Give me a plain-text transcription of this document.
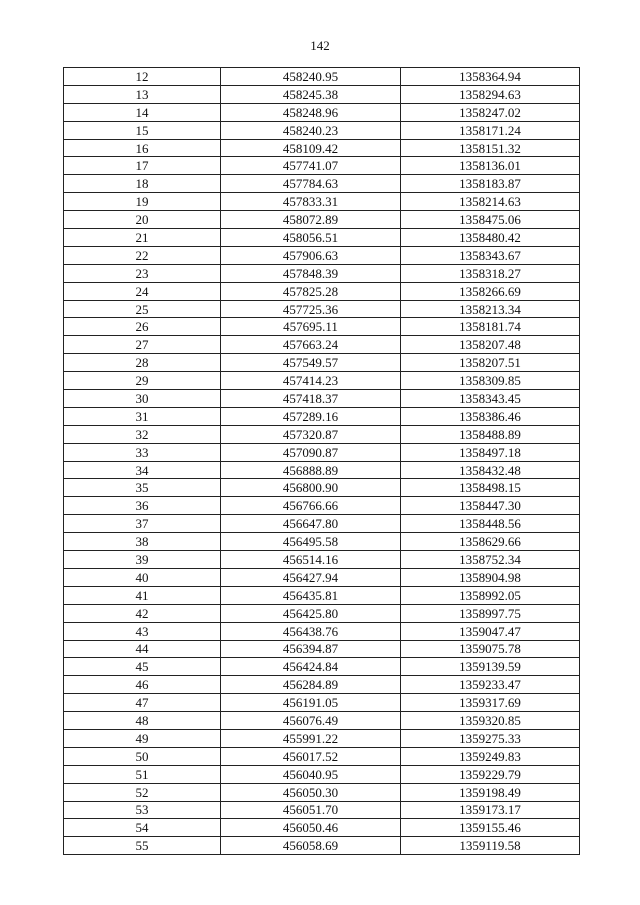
142
12	458240.95	1358364.94
13	458245.38	1358294.63
14	458248.96	1358247.02
15	458240.23	1358171.24
16	458109.42	1358151.32
17	457741.07	1358136.01
18	457784.63	1358183.87
19	457833.31	1358214.63
20	458072.89	1358475.06
21	458056.51	1358480.42
22	457906.63	1358343.67
23	457848.39	1358318.27
24	457825.28	1358266.69
25	457725.36	1358213.34
26	457695.11	1358181.74
27	457663.24	1358207.48
28	457549.57	1358207.51
29	457414.23	1358309.85
30	457418.37	1358343.45
31	457289.16	1358386.46
32	457320.87	1358488.89
33	457090.87	1358497.18
34	456888.89	1358432.48
35	456800.90	1358498.15
36	456766.66	1358447.30
37	456647.80	1358448.56
38	456495.58	1358629.66
39	456514.16	1358752.34
40	456427.94	1358904.98
41	456435.81	1358992.05
42	456425.80	1358997.75
43	456438.76	1359047.47
44	456394.87	1359075.78
45	456424.84	1359139.59
46	456284.89	1359233.47
47	456191.05	1359317.69
48	456076.49	1359320.85
49	455991.22	1359275.33
50	456017.52	1359249.83
51	456040.95	1359229.79
52	456050.30	1359198.49
53	456051.70	1359173.17
54	456050.46	1359155.46
55	456058.69	1359119.58
